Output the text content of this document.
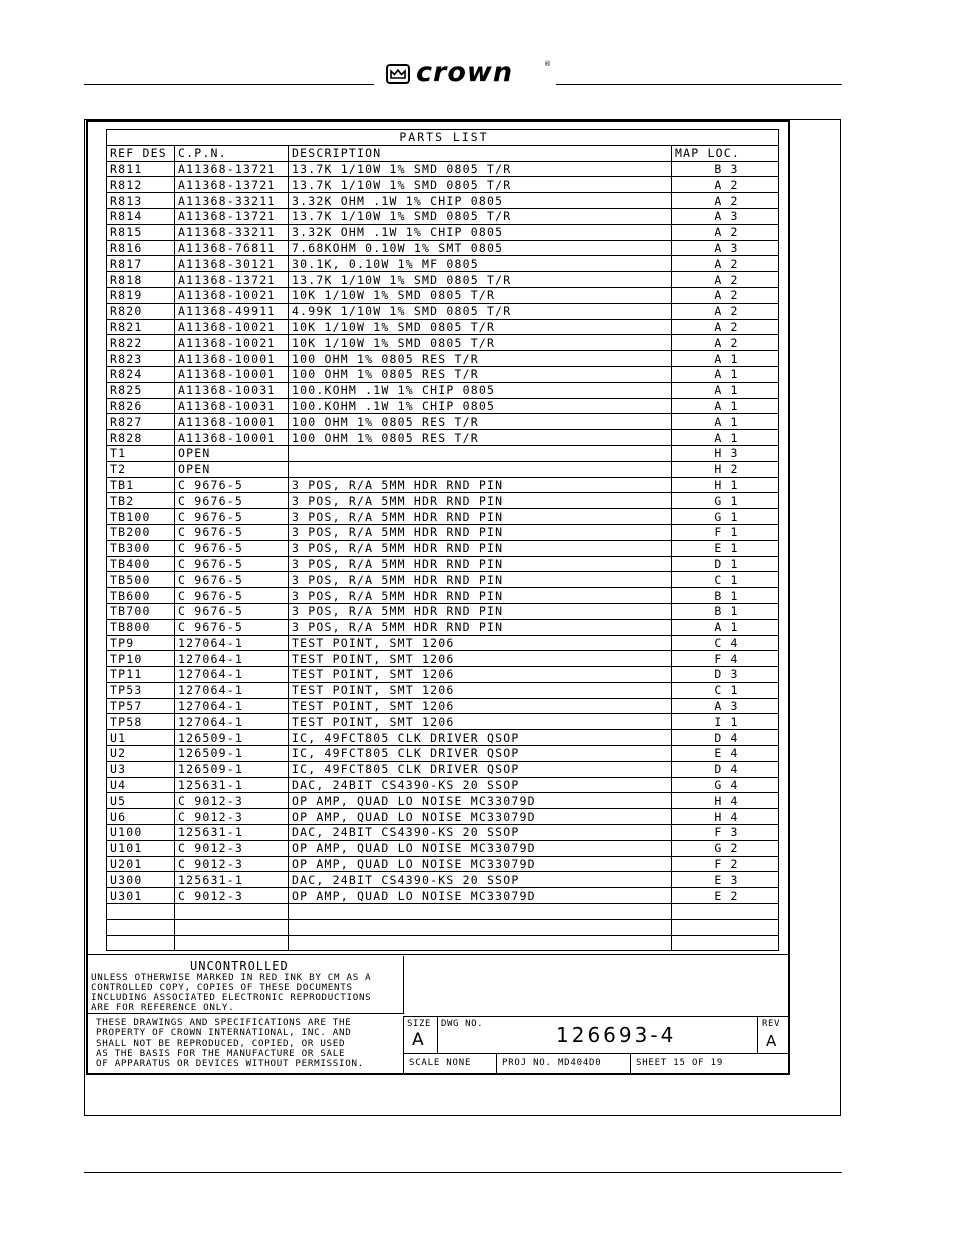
crown	®
PARTS LIST			
REF DES	C.P.N.	DESCRIPTION	MAP LOC.
R811	A11368-13721	13.7K 1/10W 1% SMD 0805 T/R	B 3
R812	A11368-13721	13.7K 1/10W 1% SMD 0805 T/R	A 2
R813	A11368-33211	3.32K OHM .1W 1% CHIP 0805	A 2
R814	A11368-13721	13.7K 1/10W 1% SMD 0805 T/R	A 3
R815	A11368-33211	3.32K OHM .1W 1% CHIP 0805	A 2
R816	A11368-76811	7.68KOHM 0.10W 1% SMT 0805	A 3
R817	A11368-30121	30.1K, 0.10W 1% MF 0805	A 2
R818	A11368-13721	13.7K 1/10W 1% SMD 0805 T/R	A 2
R819	A11368-10021	10K 1/10W 1% SMD 0805 T/R	A 2
R820	A11368-49911	4.99K 1/10W 1% SMD 0805 T/R	A 2
R821	A11368-10021	10K 1/10W 1% SMD 0805 T/R	A 2
R822	A11368-10021	10K 1/10W 1% SMD 0805 T/R	A 2
R823	A11368-10001	100 OHM 1% 0805 RES T/R	A 1
R824	A11368-10001	100 OHM 1% 0805 RES T/R	A 1
R825	A11368-10031	100.KOHM .1W 1% CHIP 0805	A 1
R826	A11368-10031	100.KOHM .1W 1% CHIP 0805	A 1
R827	A11368-10001	100 OHM 1% 0805 RES T/R	A 1
R828	A11368-10001	100 OHM 1% 0805 RES T/R	A 1
T1	OPEN		H 3
T2	OPEN		H 2
TB1	C 9676-5	3 POS, R/A 5MM HDR RND PIN	H 1
TB2	C 9676-5	3 POS, R/A 5MM HDR RND PIN	G 1
TB100	C 9676-5	3 POS, R/A 5MM HDR RND PIN	G 1
TB200	C 9676-5	3 POS, R/A 5MM HDR RND PIN	F 1
TB300	C 9676-5	3 POS, R/A 5MM HDR RND PIN	E 1
TB400	C 9676-5	3 POS, R/A 5MM HDR RND PIN	D 1
TB500	C 9676-5	3 POS, R/A 5MM HDR RND PIN	C 1
TB600	C 9676-5	3 POS, R/A 5MM HDR RND PIN	B 1
TB700	C 9676-5	3 POS, R/A 5MM HDR RND PIN	B 1
TB800	C 9676-5	3 POS, R/A 5MM HDR RND PIN	A 1
TP9	127064-1	TEST POINT, SMT 1206	C 4
TP10	127064-1	TEST POINT, SMT 1206	F 4
TP11	127064-1	TEST POINT, SMT 1206	D 3
TP53	127064-1	TEST POINT, SMT 1206	C 1
TP57	127064-1	TEST POINT, SMT 1206	A 3
TP58	127064-1	TEST POINT, SMT 1206	I 1
U1	126509-1	IC, 49FCT805 CLK DRIVER QSOP	D 4
U2	126509-1	IC, 49FCT805 CLK DRIVER QSOP	E 4
U3	126509-1	IC, 49FCT805 CLK DRIVER QSOP	D 4
U4	125631-1	DAC, 24BIT CS4390-KS 20 SSOP	G 4
U5	C 9012-3	OP AMP, QUAD LO NOISE MC33079D	H 4
U6	C 9012-3	OP AMP, QUAD LO NOISE MC33079D	H 4
U100	125631-1	DAC, 24BIT CS4390-KS 20 SSOP	F 3
U101	C 9012-3	OP AMP, QUAD LO NOISE MC33079D	G 2
U201	C 9012-3	OP AMP, QUAD LO NOISE MC33079D	F 2
U300	125631-1	DAC, 24BIT CS4390-KS 20 SSOP	E 3
U301	C 9012-3	OP AMP, QUAD LO NOISE MC33079D	E 2

UNCONTROLLED
UNLESS OTHERWISE MARKED IN RED INK BY CM AS A
CONTROLLED COPY, COPIES OF THESE DOCUMENTS
INCLUDING ASSOCIATED ELECTRONIC REPRODUCTIONS
ARE FOR REFERENCE ONLY.
THESE DRAWINGS AND SPECIFICATIONS ARE THE
PROPERTY OF CROWN INTERNATIONAL, INC. AND
SHALL NOT BE REPRODUCED, COPIED, OR USED
AS THE BASIS FOR THE MANUFACTURE OR SALE
OF APPARATUS OR DEVICES WITHOUT PERMISSION.
SIZE
A
DWG NO.	126693-4	REV
A
SCALE NONE	PROJ NO. MD404D0	SHEET 15 OF 19
